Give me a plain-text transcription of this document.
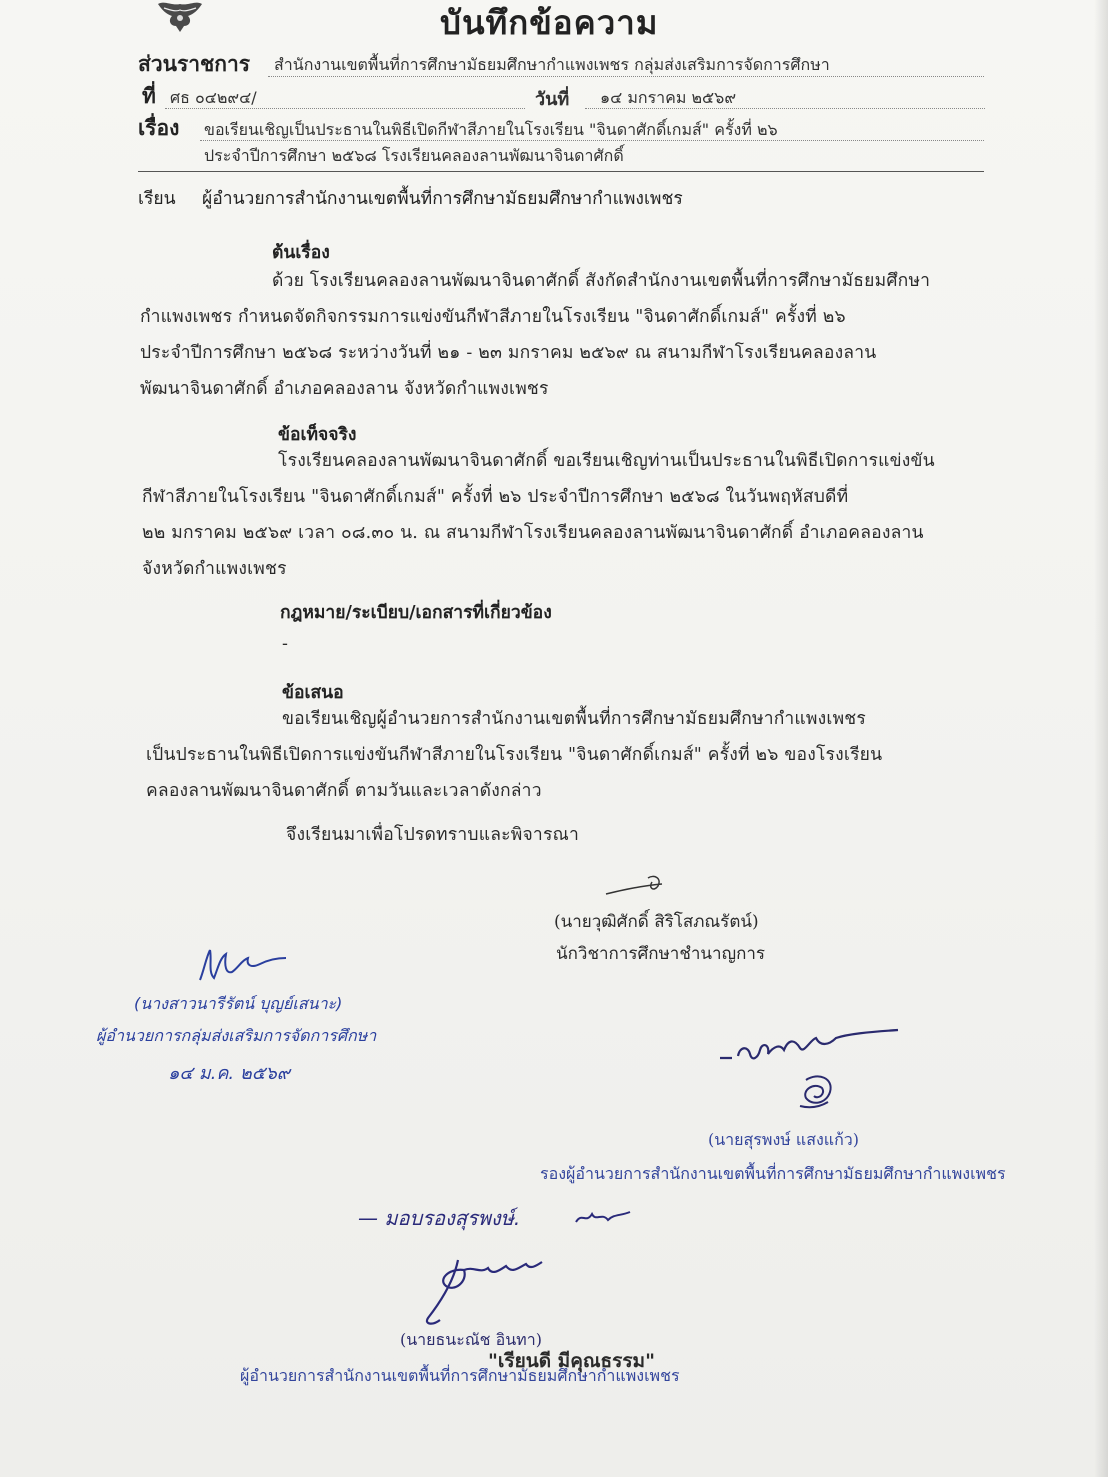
บันทึกข้อความ
ส่วนราชการ สำนักงานเขตพื้นที่การศึกษามัธยมศึกษากำแพงเพชร กลุ่มส่งเสริมการจัดการศึกษา
ที่ ศธ ๐๔๒๙๔/	วันที่ ๑๔ มกราคม ๒๕๖๙
เรื่อง ขอเรียนเชิญเป็นประธานในพิธีเปิดกีฬาสีภายในโรงเรียน "จินดาศักดิ์เกมส์" ครั้งที่ ๒๖
ประจำปีการศึกษา ๒๕๖๘ โรงเรียนคลองลานพัฒนาจินดาศักดิ์
เรียน ผู้อำนวยการสำนักงานเขตพื้นที่การศึกษามัธยมศึกษากำแพงเพชร
ต้นเรื่อง
ด้วย โรงเรียนคลองลานพัฒนาจินดาศักดิ์ สังกัดสำนักงานเขตพื้นที่การศึกษามัธยมศึกษา
กำแพงเพชร กำหนดจัดกิจกรรมการแข่งขันกีฬาสีภายในโรงเรียน "จินดาศักดิ์เกมส์" ครั้งที่ ๒๖
ประจำปีการศึกษา ๒๕๖๘ ระหว่างวันที่ ๒๑ - ๒๓ มกราคม ๒๕๖๙ ณ สนามกีฬาโรงเรียนคลองลาน
พัฒนาจินดาศักดิ์ อำเภอคลองลาน จังหวัดกำแพงเพชร
ข้อเท็จจริง
โรงเรียนคลองลานพัฒนาจินดาศักดิ์ ขอเรียนเชิญท่านเป็นประธานในพิธีเปิดการแข่งขัน
กีฬาสีภายในโรงเรียน "จินดาศักดิ์เกมส์" ครั้งที่ ๒๖ ประจำปีการศึกษา ๒๕๖๘ ในวันพฤหัสบดีที่
๒๒ มกราคม ๒๕๖๙ เวลา ๐๘.๓๐ น. ณ สนามกีฬาโรงเรียนคลองลานพัฒนาจินดาศักดิ์ อำเภอคลองลาน
จังหวัดกำแพงเพชร
กฎหมาย/ระเบียบ/เอกสารที่เกี่ยวข้อง
-
ข้อเสนอ
ขอเรียนเชิญผู้อำนวยการสำนักงานเขตพื้นที่การศึกษามัธยมศึกษากำแพงเพชร
เป็นประธานในพิธีเปิดการแข่งขันกีฬาสีภายในโรงเรียน "จินดาศักดิ์เกมส์" ครั้งที่ ๒๖ ของโรงเรียน
คลองลานพัฒนาจินดาศักดิ์ ตามวันและเวลาดังกล่าว
จึงเรียนมาเพื่อโปรดทราบและพิจารณา
(นายวุฒิศักดิ์ สิริโสภณรัตน์)
นักวิชาการศึกษาชำนาญการ
(นางสาวนารีรัตน์ บุญย์เสนาะ)
ผู้อำนวยการกลุ่มส่งเสริมการจัดการศึกษา
๑๔ ม.ค. ๒๕๖๙
(นายสุรพงษ์ แสงแก้ว)
รองผู้อำนวยการสำนักงานเขตพื้นที่การศึกษามัธยมศึกษากำแพงเพชร
— มอบรองสุรพงษ์.
(นายธนะณัช อินทา)
"เรียนดี มีคุณธรรม"
ผู้อำนวยการสำนักงานเขตพื้นที่การศึกษามัธยมศึกษากำแพงเพชร
